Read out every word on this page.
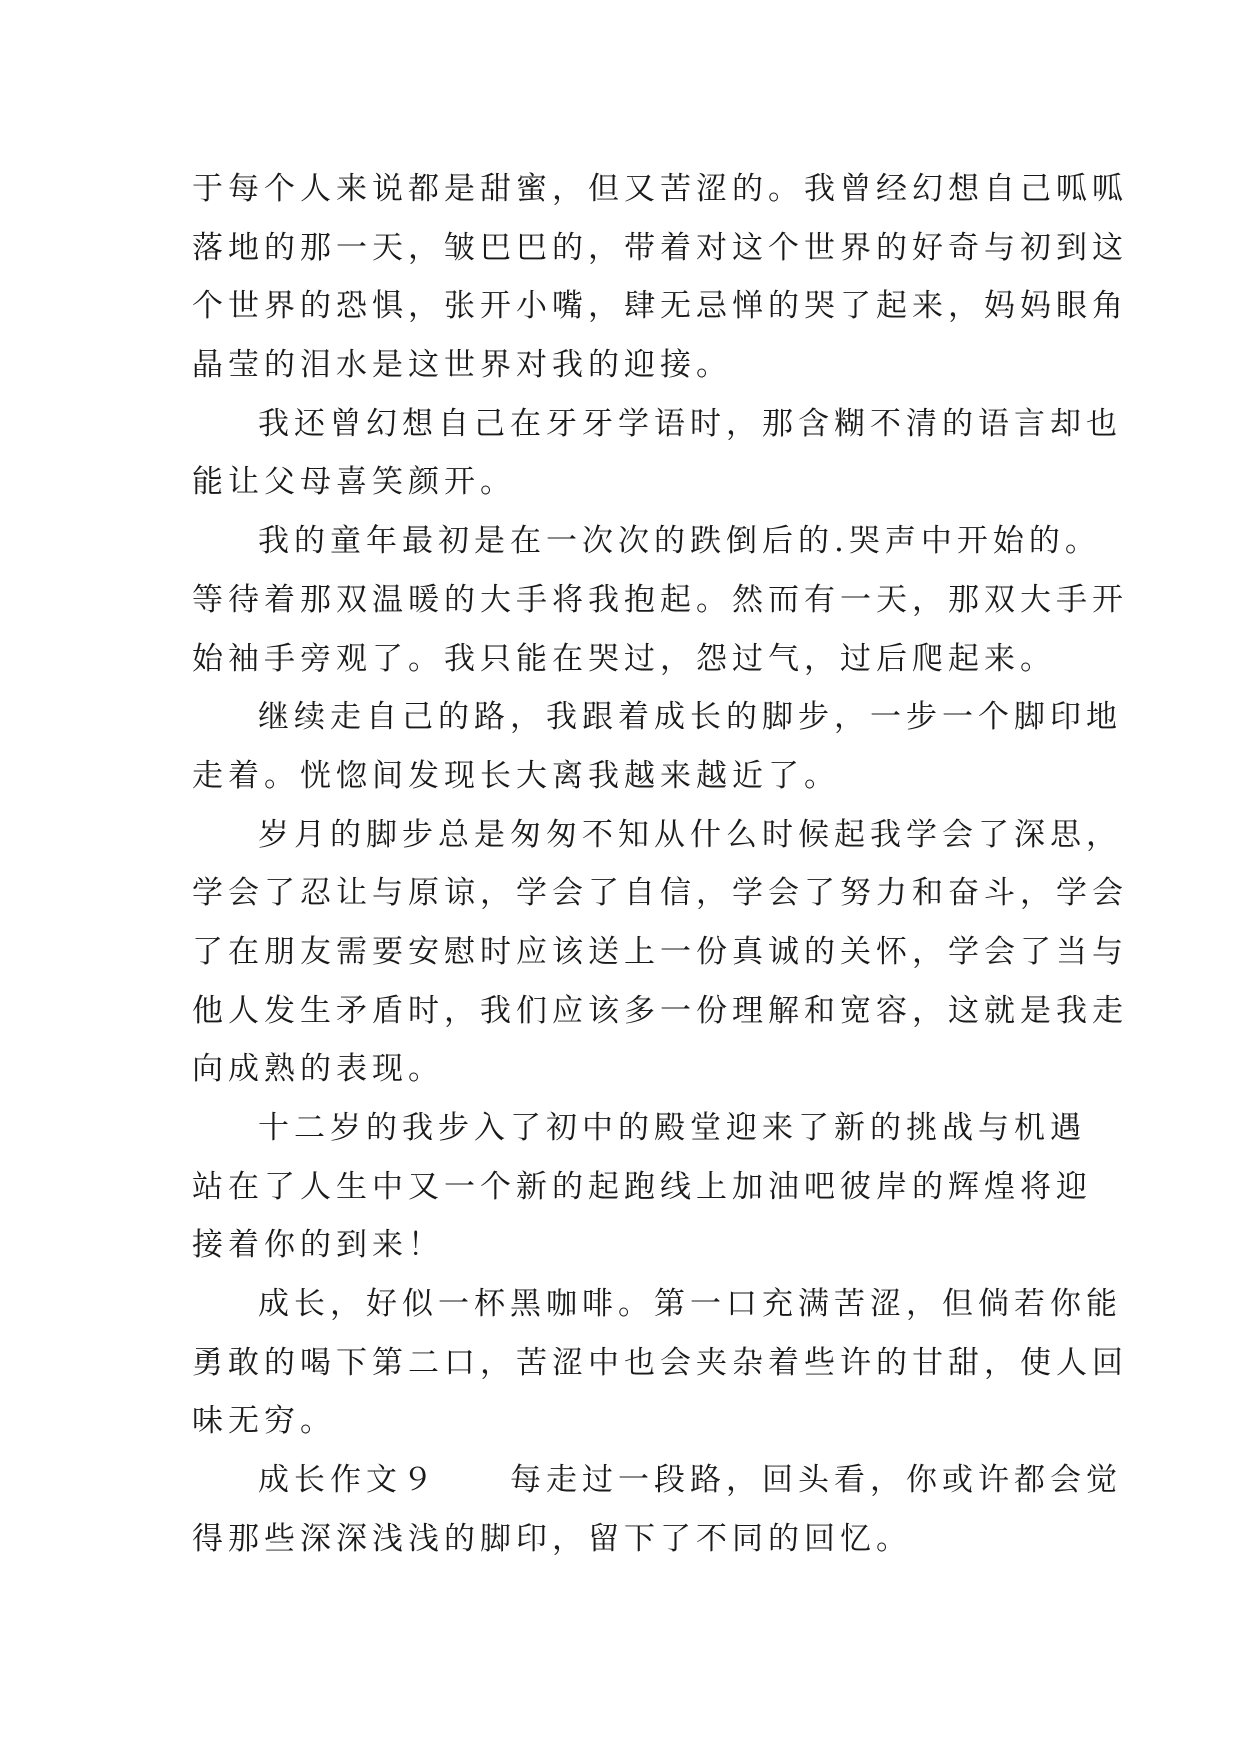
于每个人来说都是甜蜜，但又苦涩的。我曾经幻想自己呱呱
落地的那一天，皱巴巴的，带着对这个世界的好奇与初到这
个世界的恐惧，张开小嘴，肆无忌惮的哭了起来，妈妈眼角
晶莹的泪水是这世界对我的迎接。
我还曾幻想自己在牙牙学语时，那含糊不清的语言却也
能让父母喜笑颜开。
我的童年最初是在一次次的跌倒后的.哭声中开始的。
等待着那双温暖的大手将我抱起。然而有一天，那双大手开
始袖手旁观了。我只能在哭过，怨过气，过后爬起来。
继续走自己的路，我跟着成长的脚步，一步一个脚印地
走着。恍惚间发现长大离我越来越近了。
岁月的脚步总是匆匆不知从什么时候起我学会了深思，
学会了忍让与原谅，学会了自信，学会了努力和奋斗，学会
了在朋友需要安慰时应该送上一份真诚的关怀，学会了当与
他人发生矛盾时，我们应该多一份理解和宽容，这就是我走
向成熟的表现。
十二岁的我步入了初中的殿堂迎来了新的挑战与机遇
站在了人生中又一个新的起跑线上加油吧彼岸的辉煌将迎
接着你的到来！
成长，好似一杯黑咖啡。第一口充满苦涩，但倘若你能
勇敢的喝下第二口，苦涩中也会夹杂着些许的甘甜，使人回
味无穷。
成长作文９　　每走过一段路，回头看，你或许都会觉
得那些深深浅浅的脚印，留下了不同的回忆。
